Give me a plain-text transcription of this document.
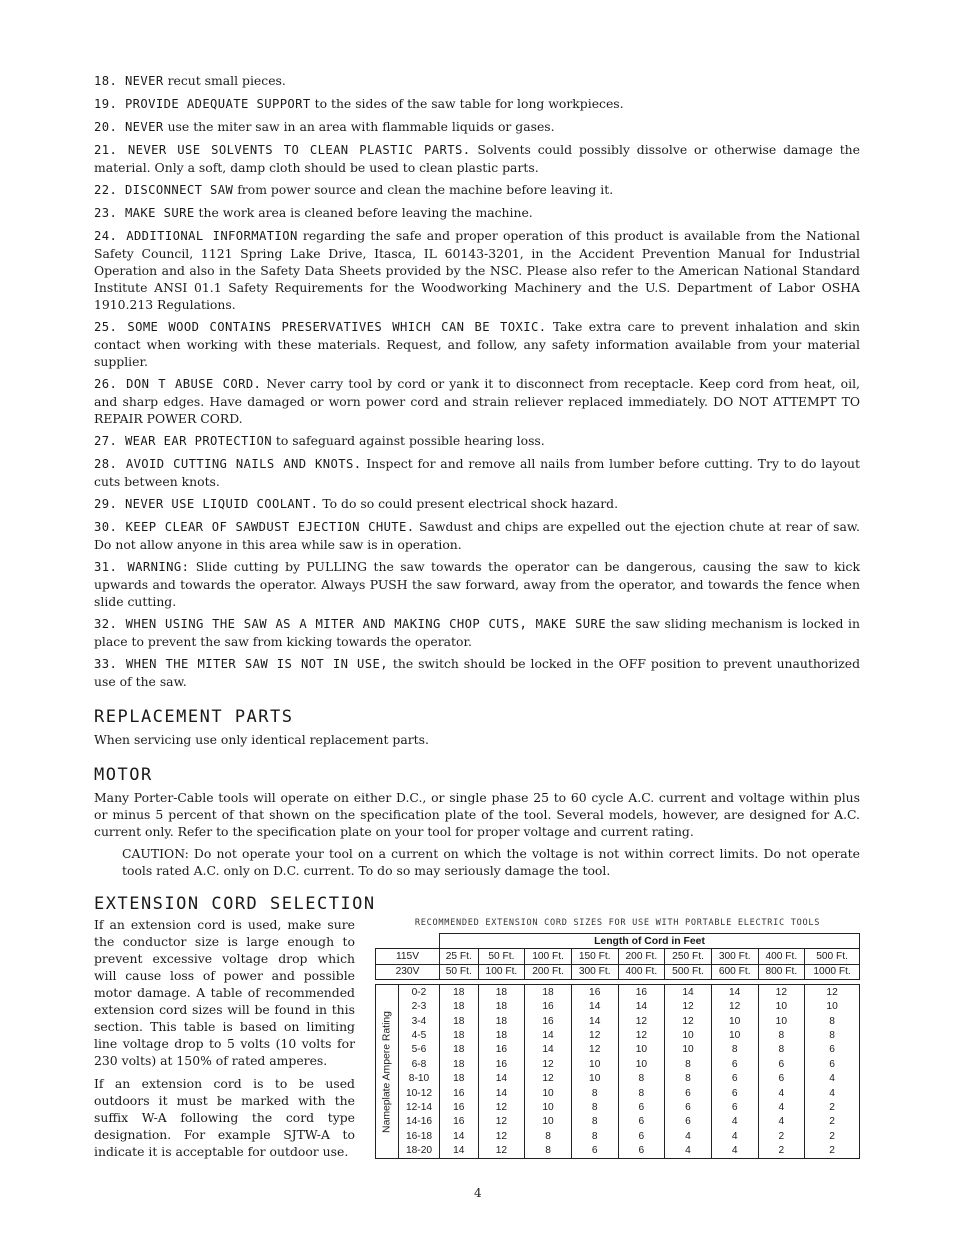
18. NEVER recut small pieces.
19. PROVIDE ADEQUATE SUPPORT to the sides of the saw table for long workpieces.
20. NEVER use the miter saw in an area with flammable liquids or gases.
21. NEVER USE SOLVENTS TO CLEAN PLASTIC PARTS. Solvents could possibly dissolve or otherwise damage the material. Only a soft, damp cloth should be used to clean plastic parts.
22. DISCONNECT SAW from power source and clean the machine before leaving it.
23. MAKE SURE the work area is cleaned before leaving the machine.
24. ADDITIONAL INFORMATION regarding the safe and proper operation of this product is available from the National Safety Council, 1121 Spring Lake Drive, Itasca, IL 60143-3201, in the Accident Prevention Manual for Industrial Operation and also in the Safety Data Sheets provided by the NSC. Please also refer to the American National Standard Institute ANSI 01.1 Safety Requirements for the Woodworking Machinery and the U.S. Department of Labor OSHA 1910.213 Regulations.
25. SOME WOOD CONTAINS PRESERVATIVES WHICH CAN BE TOXIC. Take extra care to prevent inhalation and skin contact when working with these materials. Request, and follow, any safety information available from your material supplier.
26. DON T ABUSE CORD. Never carry tool by cord or yank it to disconnect from receptacle. Keep cord from heat, oil, and sharp edges. Have damaged or worn power cord and strain reliever replaced immediately. DO NOT ATTEMPT TO REPAIR POWER CORD.
27. WEAR EAR PROTECTION to safeguard against possible hearing loss.
28. AVOID CUTTING NAILS AND KNOTS. Inspect for and remove all nails from lumber before cutting. Try to do layout cuts between knots.
29. NEVER USE LIQUID COOLANT. To do so could present electrical shock hazard.
30. KEEP CLEAR OF SAWDUST EJECTION CHUTE. Sawdust and chips are expelled out the ejection chute at rear of saw. Do not allow anyone in this area while saw is in operation.
31. WARNING: Slide cutting by PULLING the saw towards the operator can be dangerous, causing the saw to kick upwards and towards the operator. Always PUSH the saw forward, away from the operator, and towards the fence when slide cutting.
32. WHEN USING THE SAW AS A MITER AND MAKING CHOP CUTS, MAKE SURE the saw sliding mechanism is locked in place to prevent the saw from kicking towards the operator.
33. WHEN THE MITER SAW IS NOT IN USE, the switch should be locked in the OFF position to prevent unauthorized use of the saw.
REPLACEMENT PARTS
When servicing use only identical replacement parts.
MOTOR
Many Porter-Cable tools will operate on either D.C., or single phase 25 to 60 cycle A.C. current and voltage within plus or minus 5 percent of that shown on the specification plate of the tool. Several models, however, are designed for A.C. current only. Refer to the specification plate on your tool for proper voltage and current rating.
CAUTION: Do not operate your tool on a current on which the voltage is not within correct limits. Do not operate tools rated A.C. only on D.C. current. To do so may seriously damage the tool.
EXTENSION CORD SELECTION

If an extension cord is used, make sure the conductor size is large enough to prevent excessive voltage drop which will cause loss of power and possible motor damage. A table of recommended extension cord sizes will be found in this section. This table is based on limiting line voltage drop to 5 volts (10 volts for 230 volts) at 150% of rated amperes.

If an extension cord is to be used outdoors it must be marked with the suffix W-A following the cord type designation. For example SJTW-A to indicate it is acceptable for outdoor use.

RECOMMENDED EXTENSION CORD SIZES FOR USE WITH PORTABLE ELECTRIC TOOLS
		Length of Cord in Feet								
115V		25 Ft.	50 Ft.	100 Ft.	150 Ft.	200 Ft.	250 Ft.	300 Ft.	400 Ft.	500 Ft.
230V		50 Ft.	100 Ft.	200 Ft.	300 Ft.	400 Ft.	500 Ft.	600 Ft.	800 Ft.	1000 Ft.

Nameplate Ampere Rating	0-2	18	18	18	16	16	14	14	12	12
	2-3	18	18	16	14	14	12	12	10	10
	3-4	18	18	16	14	12	12	10	10	8
	4-5	18	18	14	12	12	10	10	8	8
	5-6	18	16	14	12	10	10	8	8	6
	6-8	18	16	12	10	10	8	6	6	6
	8-10	18	14	12	10	8	8	6	6	4
	10-12	16	14	10	8	8	6	6	4	4
	12-14	16	12	10	8	6	6	6	4	2
	14-16	16	12	10	8	6	6	4	4	2
	16-18	14	12	8	8	6	4	4	2	2
	18-20	14	12	8	6	6	4	4	2	2
4
